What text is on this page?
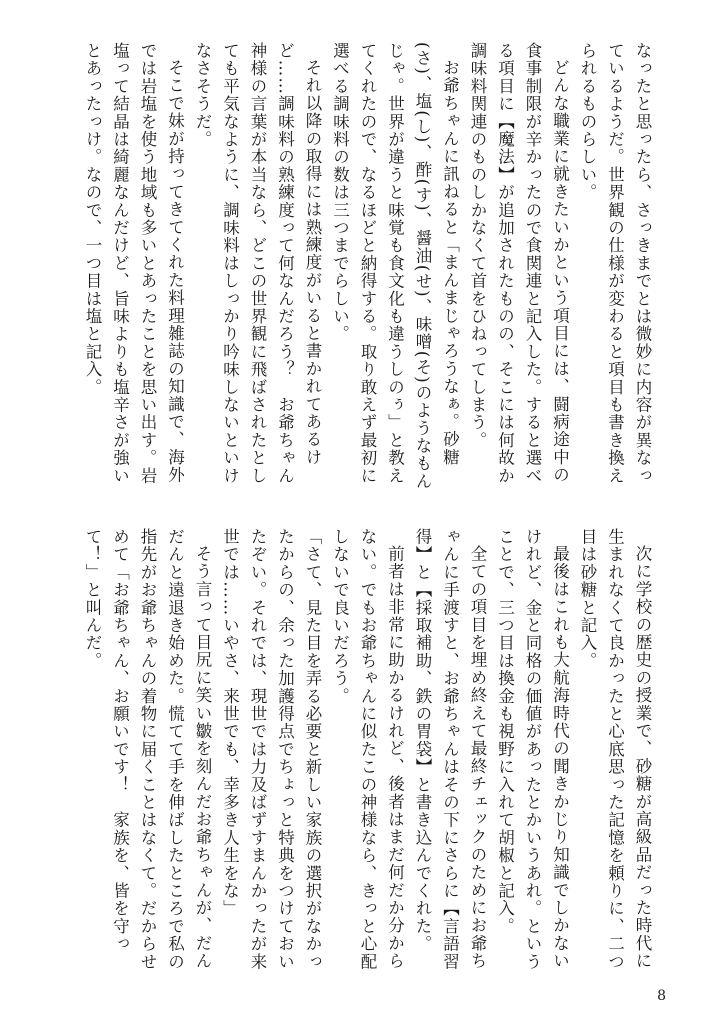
なったと思ったら、さっきまでとは微妙に内容が異なっているようだ。世界観の仕様が変わると項目も書き換えられるものらしい。

どんな職業に就きたいかという項目には、闘病途中の食事制限が辛かったので食関連と記入した。すると選べる項目に【魔法】が追加されたものの、そこには何故か調味料関連のものしかなくて首をひねってしまう。

お爺ちゃんに訊ねると「まんまじゃろうなぁ。砂糖(さ)、塩(し)、酢(す)、醤油(せ)、味噌(そ)のようなもんじゃ。世界が違うと味覚も食文化も違うしのぅ」と教えてくれたので、なるほどと納得する。取り敢えず最初に選べる調味料の数は三つまでらしい。

それ以降の取得には熟練度がいると書かれてあるけど……調味料の熟練度って何なんだろう？　お爺ちゃん神様の言葉が本当なら、どこの世界観に飛ばされたとしても平気なように、調味料はしっかり吟味しないといけなさそうだ。

そこで妹が持ってきてくれた料理雑誌の知識で、海外では岩塩を使う地域も多いとあったことを思い出す。岩塩って結晶は綺麗なんだけど、旨味よりも塩辛さが強いとあったっけ。なので、一つ目は塩と記入。

次に学校の歴史の授業で、砂糖が高級品だった時代に生まれなくて良かったと心底思った記憶を頼りに、二つ目は砂糖と記入。

最後はこれも大航海時代の聞きかじり知識でしかないけれど、金と同格の価値があったとかいうあれ。ということで、三つ目は換金も視野に入れて胡椒と記入。

全ての項目を埋め終えて最終チェックのためにお爺ちゃんに手渡すと、お爺ちゃんはその下にさらに【言語習得】と【採取補助、鉄の胃袋】と書き込んでくれた。

前者は非常に助かるけれど、後者はまだ何だか分からない。でもお爺ちゃんに似たこの神様なら、きっと心配しないで良いだろう。

「さて、見た目を弄る必要と新しい家族の選択がなかったからの、余った加護得点でちょっと特典をつけておいたぞい。それでは、現世では力及ばずすまんかったが来世では……いやさ、来世でも、幸多き人生をな」

そう言って目尻に笑い皺を刻んだお爺ちゃんが、だんだんと遠退き始めた。慌てて手を伸ばしたところで私の指先がお爺ちゃんの着物に届くことはなくて。だからせめて「お爺ちゃん、お願いです！　家族を、皆を守って！」と叫んだ。

8
